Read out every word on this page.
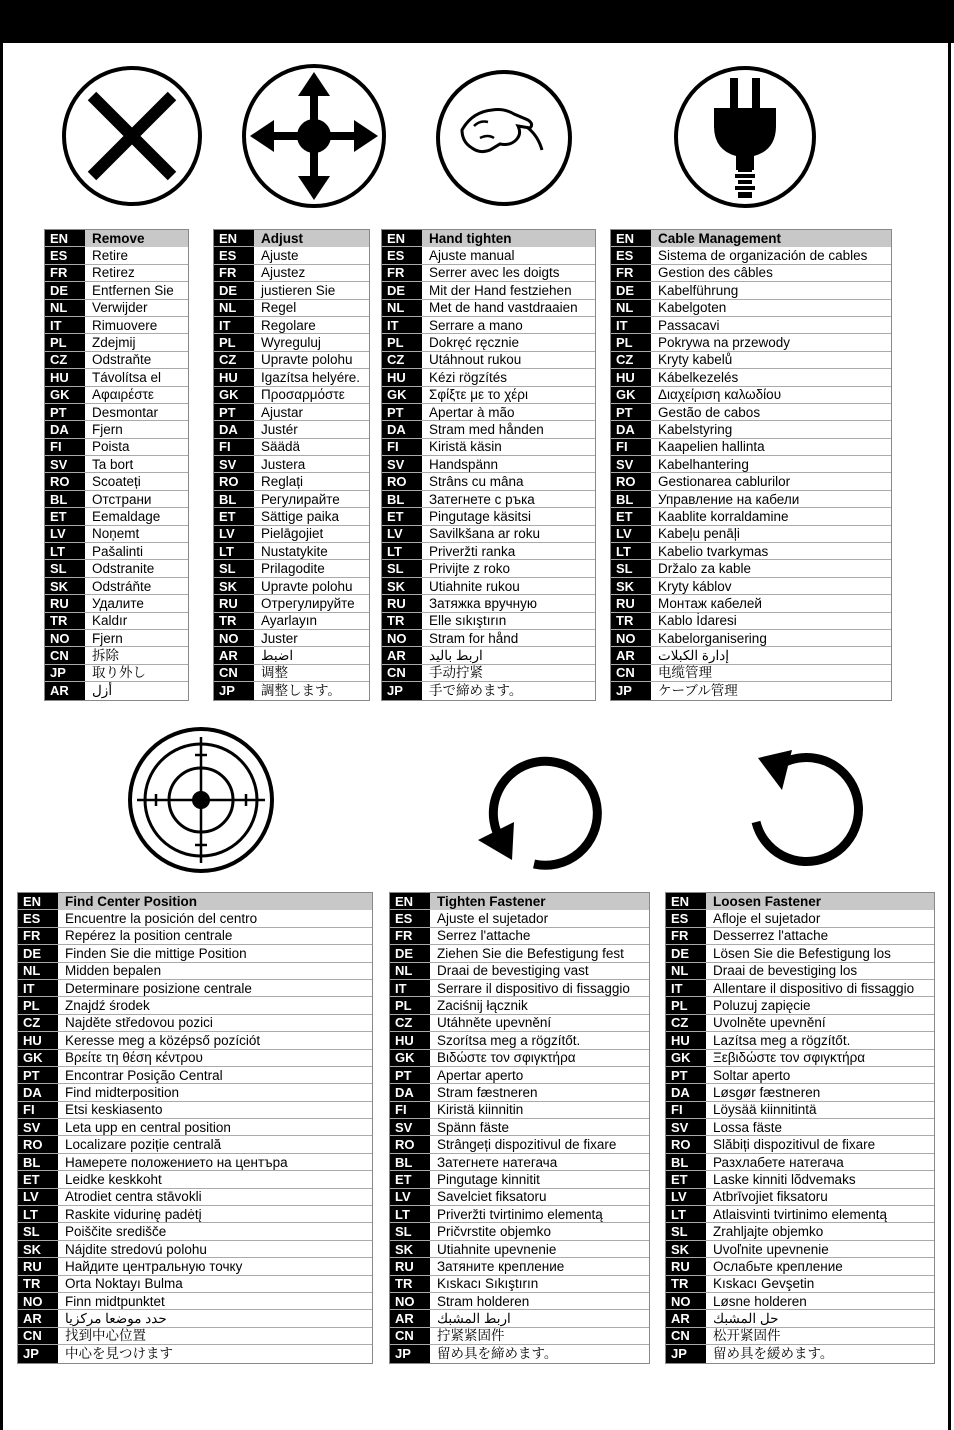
EN	Remove
ES	Retire
FR	Retirez
DE	Entfernen Sie
NL	Verwijder
IT	Rimuovere
PL	Zdejmij
CZ	Odstraňte
HU	Távolítsa el
GK	Αφαιρέστε
PT	Desmontar
DA	Fjern
FI	Poista
SV	Ta bort
RO	Scoateți
BL	Отстрани
ET	Eemaldage
LV	Noņemt
LT	Pašalinti
SL	Odstranite
SK	Odstráňte
RU	Удалите
TR	Kaldır
NO	Fjern
CN	拆除
JP	取り外し
AR	أزل
EN	Adjust
ES	Ajuste
FR	Ajustez
DE	justieren Sie
NL	Regel
IT	Regolare
PL	Wyreguluj
CZ	Upravte polohu
HU	Igazítsa helyére.
GK	Προσαρμόστε
PT	Ajustar
DA	Justér
FI	Säädä
SV	Justera
RO	Reglați
BL	Регулирайте
ET	Sättige paika
LV	Pielāgojiet
LT	Nustatykite
SL	Prilagodite
SK	Upravte polohu
RU	Отрегулируйте
TR	Ayarlayın
NO	Juster
AR	اضبط
CN	调整
JP	調整します。
EN	Hand tighten
ES	Ajuste manual
FR	Serrer avec les doigts
DE	Mit der Hand festziehen
NL	Met de hand vastdraaien
IT	Serrare a mano
PL	Dokręć ręcznie
CZ	Utáhnout rukou
HU	Kézi rögzítés
GK	Σφίξτε με το χέρι
PT	Apertar à mão
DA	Stram med hånden
FI	Kiristä käsin
SV	Handspänn
RO	Strâns cu mâna
BL	Затегнете с ръка
ET	Pingutage käsitsi
LV	Savilkšana ar roku
LT	Priveržti ranka
SL	Privijte z roko
SK	Utiahnite rukou
RU	Затяжка вручную
TR	Elle sıkıştırın
NO	Stram for hånd
AR	اربط باليد
CN	手动拧紧
JP	手で締めます。
EN	Cable Management
ES	Sistema de organización de cables
FR	Gestion des câbles
DE	Kabelführung
NL	Kabelgoten
IT	Passacavi
PL	Pokrywa na przewody
CZ	Kryty kabelů
HU	Kábelkezelés
GK	Διαχείριση καλωδίου
PT	Gestão de cabos
DA	Kabelstyring
FI	Kaapelien hallinta
SV	Kabelhantering
RO	Gestionarea cablurilor
BL	Управление на кабели
ET	Kaablite korraldamine
LV	Kabeļu penāļi
LT	Kabelio tvarkymas
SL	Držalo za kable
SK	Kryty káblov
RU	Монтаж кабелей
TR	Kablo İdaresi
NO	Kabelorganisering
AR	إدارة الكبلات
CN	电缆管理
JP	ケーブル管理
EN	Find Center Position
ES	Encuentre la posición del centro
FR	Repérez la position centrale
DE	Finden Sie die mittige Position
NL	Midden bepalen
IT	Determinare posizione centrale
PL	Znajdź środek
CZ	Najděte středovou pozici
HU	Keresse meg a középső pozíciót
GK	Βρείτε τη θέση κέντρου
PT	Encontrar Posição Central
DA	Find midterposition
FI	Etsi keskiasento
SV	Leta upp en central position
RO	Localizare poziție centrală
BL	Намерете положението на центъра
ET	Leidke keskkoht
LV	Atrodiet centra stāvokli
LT	Raskite vidurinę padėtį
SL	Poiščite središče
SK	Nájdite stredovú polohu
RU	Найдите центральную точку
TR	Orta Noktayı Bulma
NO	Finn midtpunktet
AR	حدد موضعا مركزيا
CN	找到中心位置
JP	中心を見つけます
EN	Tighten Fastener
ES	Ajuste el sujetador
FR	Serrez l'attache
DE	Ziehen Sie die Befestigung fest
NL	Draai de bevestiging vast
IT	Serrare il dispositivo di fissaggio
PL	Zaciśnij łącznik
CZ	Utáhněte upevnění
HU	Szorítsa meg a rögzítőt.
GK	Βιδώστε τον σφιγκτήρα
PT	Apertar aperto
DA	Stram fæstneren
FI	Kiristä kiinnitin
SV	Spänn fäste
RO	Strângeți dispozitivul de fixare
BL	Затегнете натегача
ET	Pingutage kinnitit
LV	Savelciet fiksatoru
LT	Priveržti tvirtinimo elementą
SL	Pričvrstite objemko
SK	Utiahnite upevnenie
RU	Затяните крепление
TR	Kıskacı Sıkıştırın
NO	Stram holderen
AR	اربط المشبك
CN	拧紧紧固件
JP	留め具を締めます。
EN	Loosen Fastener
ES	Afloje el sujetador
FR	Desserrez l'attache
DE	Lösen Sie die Befestigung los
NL	Draai de bevestiging los
IT	Allentare il dispositivo di fissaggio
PL	Poluzuj zapięcie
CZ	Uvolněte upevnění
HU	Lazítsa meg a rögzítőt.
GK	Ξεβιδώστε τον σφιγκτήρα
PT	Soltar aperto
DA	Løsgør fæstneren
FI	Löysää kiinnitintä
SV	Lossa fäste
RO	Slăbiți dispozitivul de fixare
BL	Разхлабете натегача
ET	Laske kinniti lõdvemaks
LV	Atbrīvojiet fiksatoru
LT	Atlaisvinti tvirtinimo elementą
SL	Zrahljajte objemko
SK	Uvoľnite upevnenie
RU	Ослабьте крепление
TR	Kıskacı Gevşetin
NO	Løsne holderen
AR	حل المشبك
CN	松开紧固件
JP	留め具を緩めます。
